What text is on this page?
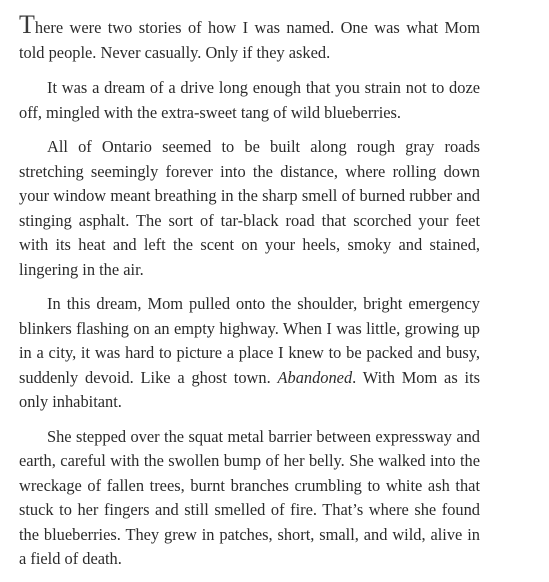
There were two stories of how I was named. One was what Mom told people. Never casually. Only if they asked.

It was a dream of a drive long enough that you strain not to doze off, mingled with the extra-sweet tang of wild blueberries.

All of Ontario seemed to be built along rough gray roads stretching seemingly forever into the distance, where rolling down your window meant breathing in the sharp smell of burned rubber and stinging asphalt. The sort of tar-black road that scorched your feet with its heat and left the scent on your heels, smoky and stained, lingering in the air.

In this dream, Mom pulled onto the shoulder, bright emergency blinkers flashing on an empty highway. When I was little, growing up in a city, it was hard to picture a place I knew to be packed and busy, suddenly devoid. Like a ghost town. Abandoned. With Mom as its only inhabitant.

She stepped over the squat metal barrier between expressway and earth, careful with the swollen bump of her belly. She walked into the wreckage of fallen trees, burnt branches crumbling to white ash that stuck to her fingers and still smelled of fire. That’s where she found the blueberries. They grew in patches, short, small, and wild, alive in a field of death.
